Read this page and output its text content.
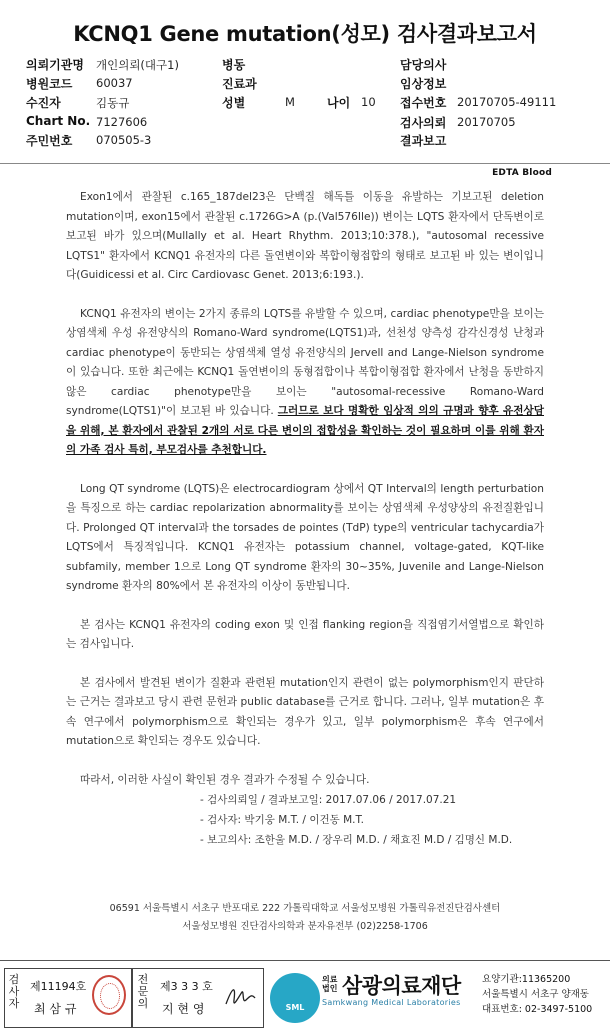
KCNQ1 Gene mutation(성모) 검사결과보고서
의뢰기관명 개인의뢰(대구1)
병원코드 60037
수진자	김동규
Chart No. 7127606
주민번호 070505-3
병동
진료과
성별	M	나이 10
담당의사
임상정보
접수번호 20170705-49111
검사의뢰 20170705
결과보고
EDTA Blood

Exon1에서 관찰된 c.165_187del23은 단백질 해독틀 이동을 유발하는 기보고된 deletion mutation이며, exon15에서 관찰된 c.1726G>A (p.(Val576Ile)) 변이는 LQTS 환자에서 단독변이로 보고된 바가 있으며(Mullally et al. Heart Rhythm. 2013;10:378.), "autosomal recessive LQTS1" 환자에서 KCNQ1 유전자의 다른 돌연변이와 복합이형접합의 형태로 보고된 바 있는 변이입니다(Guidicessi et al. Circ Cardiovasc Genet. 2013;6:193.).

KCNQ1 유전자의 변이는 2가지 종류의 LQTS를 유발할 수 있으며, cardiac phenotype만을 보이는 상염색체 우성 유전양식의 Romano-Ward syndrome(LQTS1)과, 선천성 양측성 감각신경성 난청과 cardiac phenotype이 동반되는 상염색체 열성 유전양식의 Jervell and Lange-Nielson syndrome이 있습니다. 또한 최근에는 KCNQ1 돌연변이의 동형접합이나 복합이형접합 환자에서 난청을 동반하지 않은 cardiac phenotype만을 보이는 "autosomal-recessive Romano-Ward syndrome(LQTS1)"이 보고된 바 있습니다. 그러므로 보다 명확한 임상적 의의 규명과 향후 유전상담을 위해, 본 환자에서 관찰된 2개의 서로 다른 변이의 접합성을 확인하는 것이 필요하며 이를 위해 환자의 가족 검사 특히, 부모검사를 추천합니다.

Long QT syndrome (LQTS)은 electrocardiogram 상에서 QT Interval의 length perturbation을 특징으로 하는 cardiac repolarization abnormality를 보이는 상염색체 우성양상의 유전질환입니다. Prolonged QT interval과 the torsades de pointes (TdP) type의 ventricular tachycardia가 LQTS에서 특징적입니다. KCNQ1 유전자는 potassium channel, voltage-gated, KQT-like subfamily, member 1으로 Long QT syndrome 환자의 30~35%, Juvenile and Lange-Nielson syndrome 환자의 80%에서 본 유전자의 이상이 동반됩니다.

본 검사는 KCNQ1 유전자의 coding exon 및 인접 flanking region을 직접염기서열법으로 확인하는 검사입니다.

본 검사에서 발견된 변이가 질환과 관련된 mutation인지 관련이 없는 polymorphism인지 판단하는 근거는 결과보고 당시 관련 문헌과 public database를 근거로 합니다. 그러나, 일부 mutation은 후속 연구에서 polymorphism으로 확인되는 경우가 있고, 일부 polymorphism은 후속 연구에서 mutation으로 확인되는 경우도 있습니다.

따라서, 이러한 사실이 확인된 경우 결과가 수정될 수 있습니다.

- 검사의뢰일 / 결과보고일: 2017.07.06 / 2017.07.21
- 검사자: 박기웅 M.T. / 이건동 M.T.
- 보고의사: 조한울 M.D. / 장우리 M.D. / 채효진 M.D / 김명신 M.D.
06591 서울특별시 서초구 반포대로 222 가톨릭대학교 서울성모병원 가톨릭유전진단검사센터
서울성모병원 진단검사의학과 분자유전부 (02)2258-1706
검사자
제11194호
최 삼 규
전문의
제3 3 3 호
지 현 영	SML
의료
법인 삼광의료재단
Samkwang Medical Laboratories
요양기관:11365200
서울특별시 서초구 양재동
대표번호: 02-3497-5100
